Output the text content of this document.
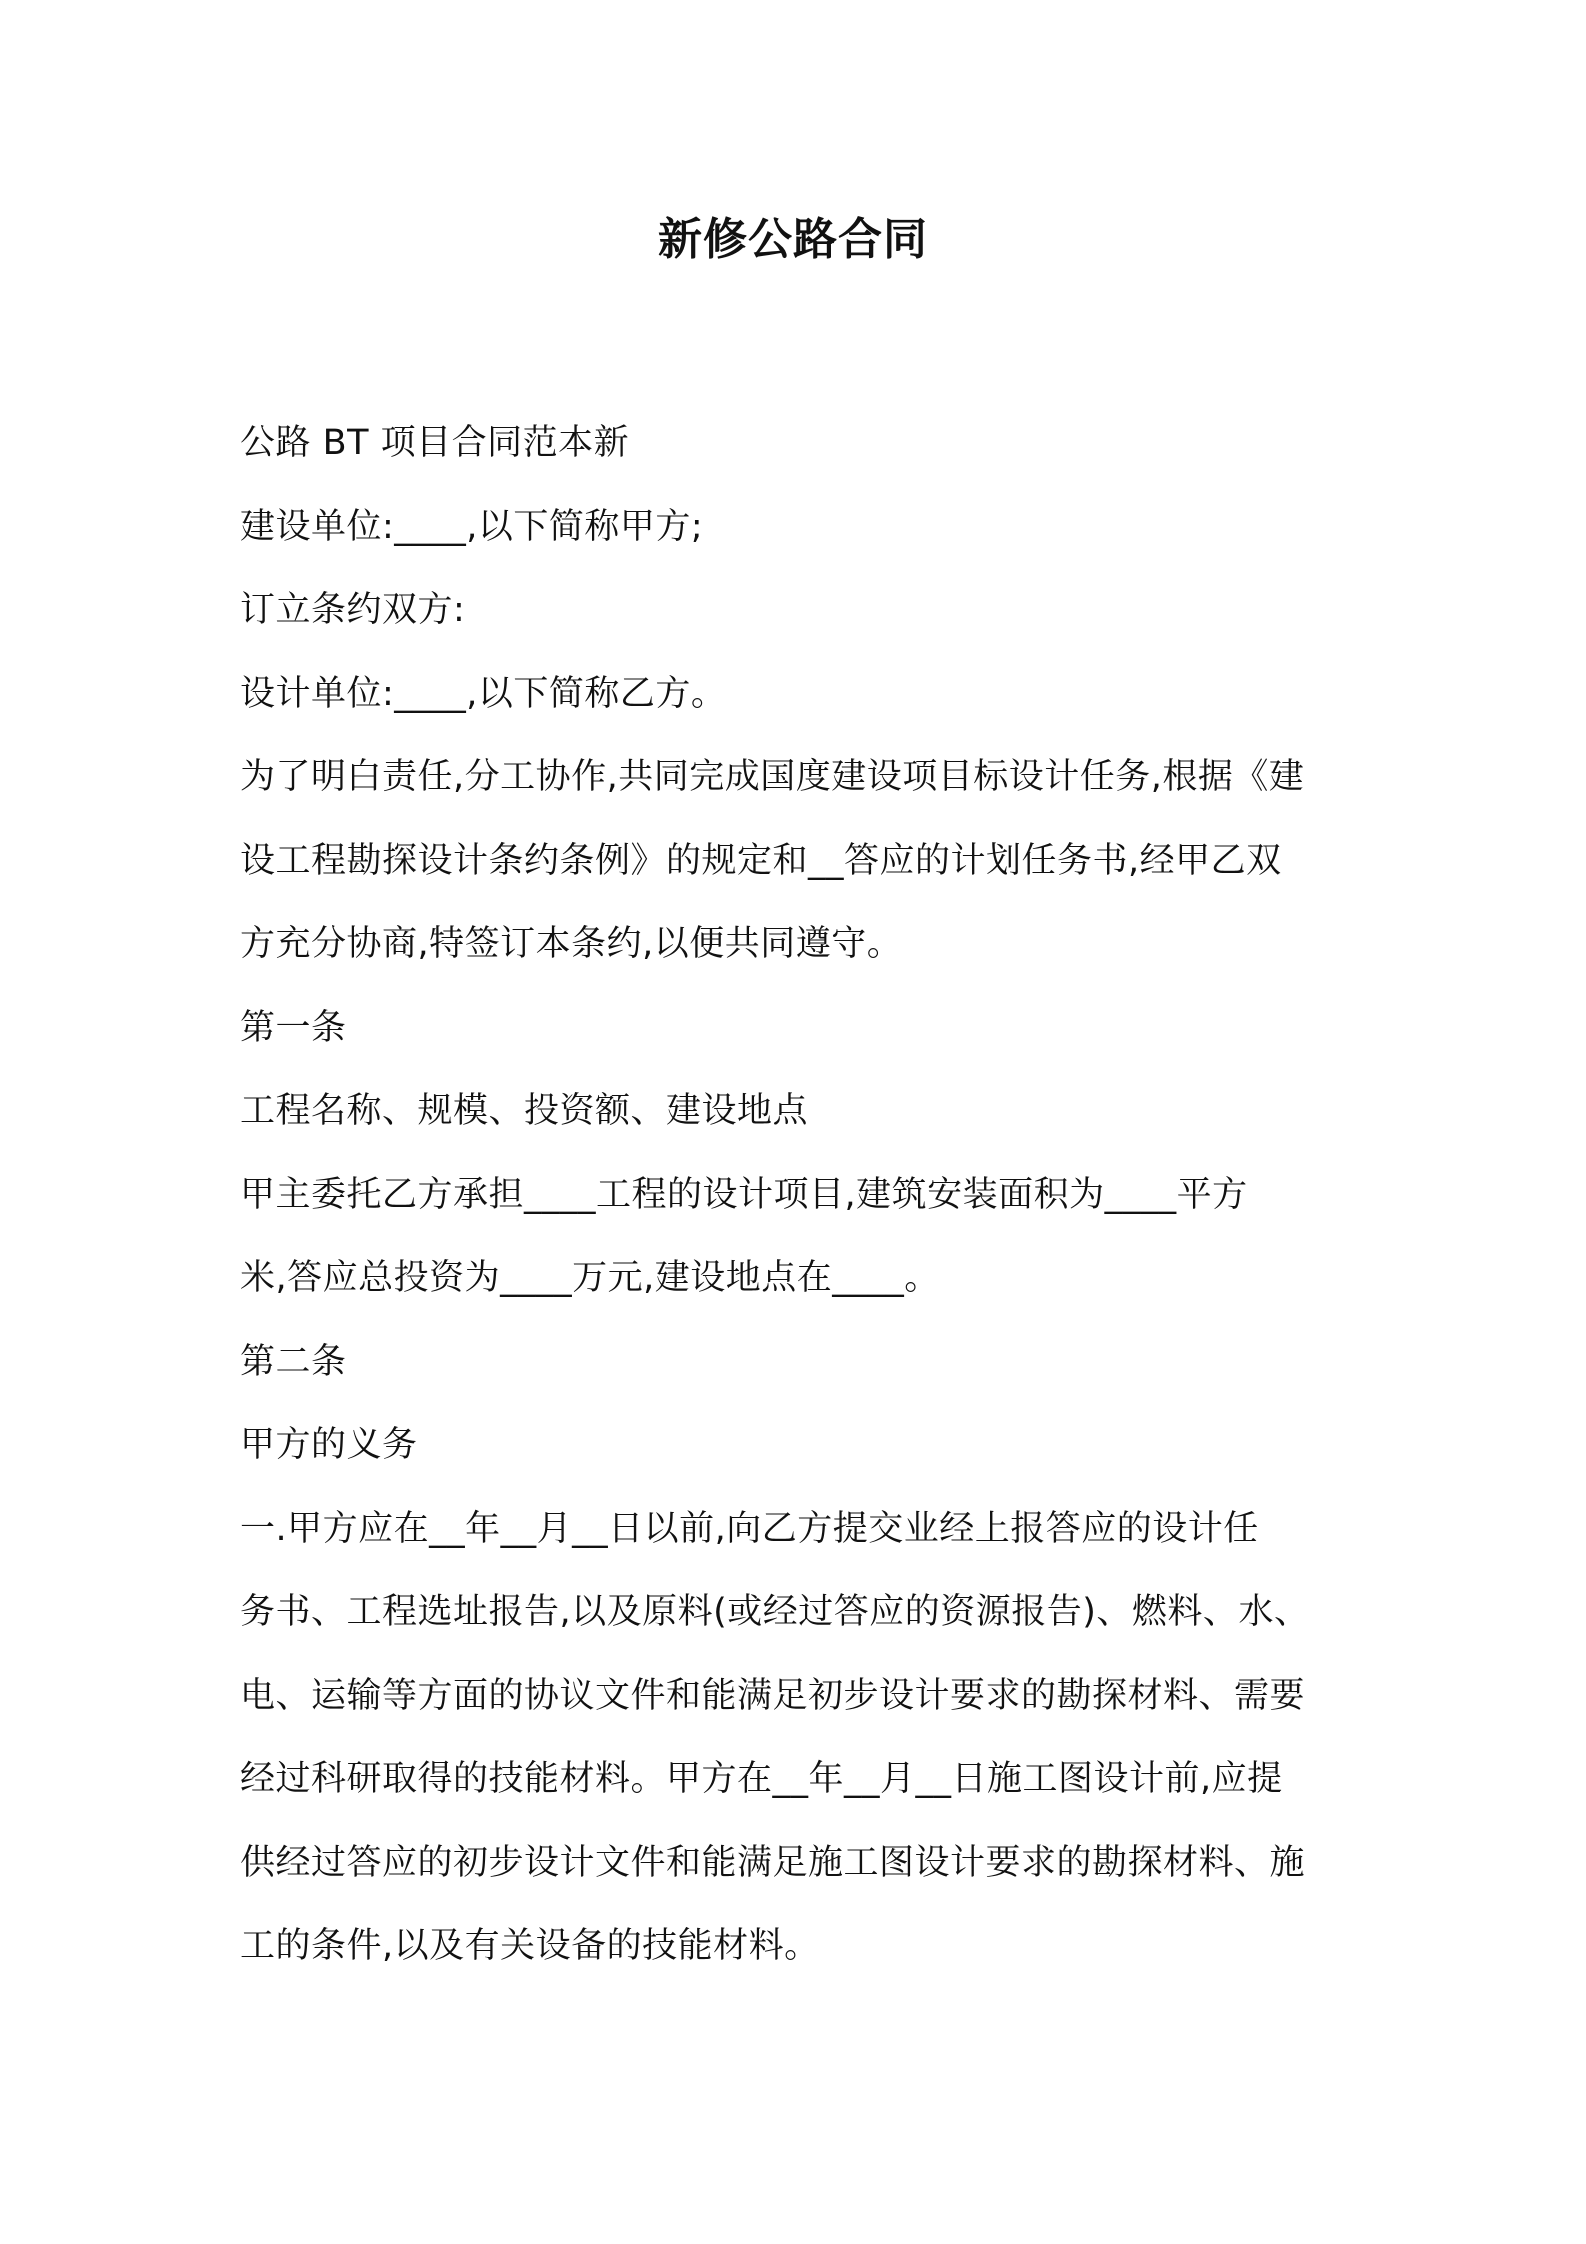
新修公路合同
公路 BT 项目合同范本新
建设单位:____,以下简称甲方;
订立条约双方:
设计单位:____,以下简称乙方。
为了明白责任,分工协作,共同完成国度建设项目标设计任务,根据《建
设工程勘探设计条约条例》的规定和__答应的计划任务书,经甲乙双
方充分协商,特签订本条约,以便共同遵守。
第一条
工程名称、规模、投资额、建设地点
甲主委托乙方承担____工程的设计项目,建筑安装面积为____平方
米,答应总投资为____万元,建设地点在____。
第二条
甲方的义务
一.甲方应在__年__月__日以前,向乙方提交业经上报答应的设计任
务书、工程选址报告,以及原料(或经过答应的资源报告)、燃料、水、
电、运输等方面的协议文件和能满足初步设计要求的勘探材料、需要
经过科研取得的技能材料。甲方在__年__月__日施工图设计前,应提
供经过答应的初步设计文件和能满足施工图设计要求的勘探材料、施
工的条件,以及有关设备的技能材料。
